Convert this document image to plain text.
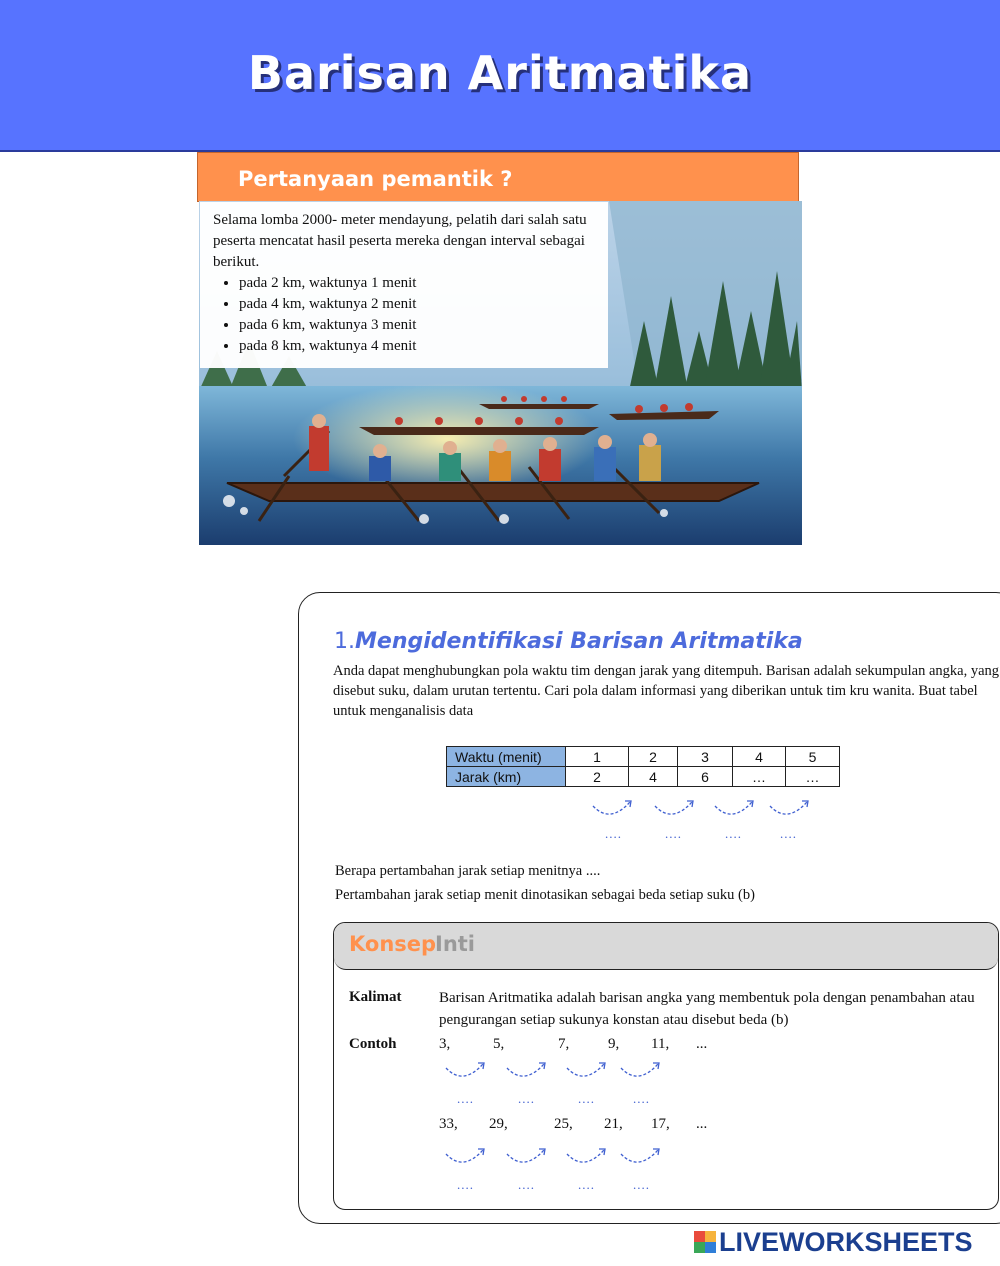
Barisan Aritmatika
Pertanyaan pemantik ?

Selama lomba 2000- meter mendayung, pelatih dari salah satu peserta mencatat hasil peserta mereka dengan interval sebagai berikut.

• pada 2 km, waktunya 1 menit
• pada 4 km, waktunya 2 menit
• pada 6 km, waktunya 3 menit
• pada 8 km, waktunya 4 menit
1.Mengidentifikasi Barisan Aritmatika

Anda dapat menghubungkan pola waktu tim dengan jarak yang ditempuh. Barisan adalah sekumpulan angka, yang disebut suku, dalam urutan tertentu. Cari pola dalam informasi yang diberikan untuk tim kru wanita. Buat tabel untuk menganalisis data

Waktu (menit)	1	2	3	4	5
Jarak (km)	2	4	6	…	…
....	....	....	....
Berapa pertambahan jarak setiap menitnya ....
Pertambahan jarak setiap menit dinotasikan sebagai beda setiap suku (b)
Konsep
Inti
Kalimat	Barisan Aritmatika adalah barisan angka yang membentuk pola dengan penambahan atau pengurangan setiap sukunya konstan atau disebut beda (b)
Contoh	3,	5,	7,	9, 11, ...
....	....	....	....
33, 29,	25, 21, 17, ...
....	....	....	....
LIVEWORKSHEETS
